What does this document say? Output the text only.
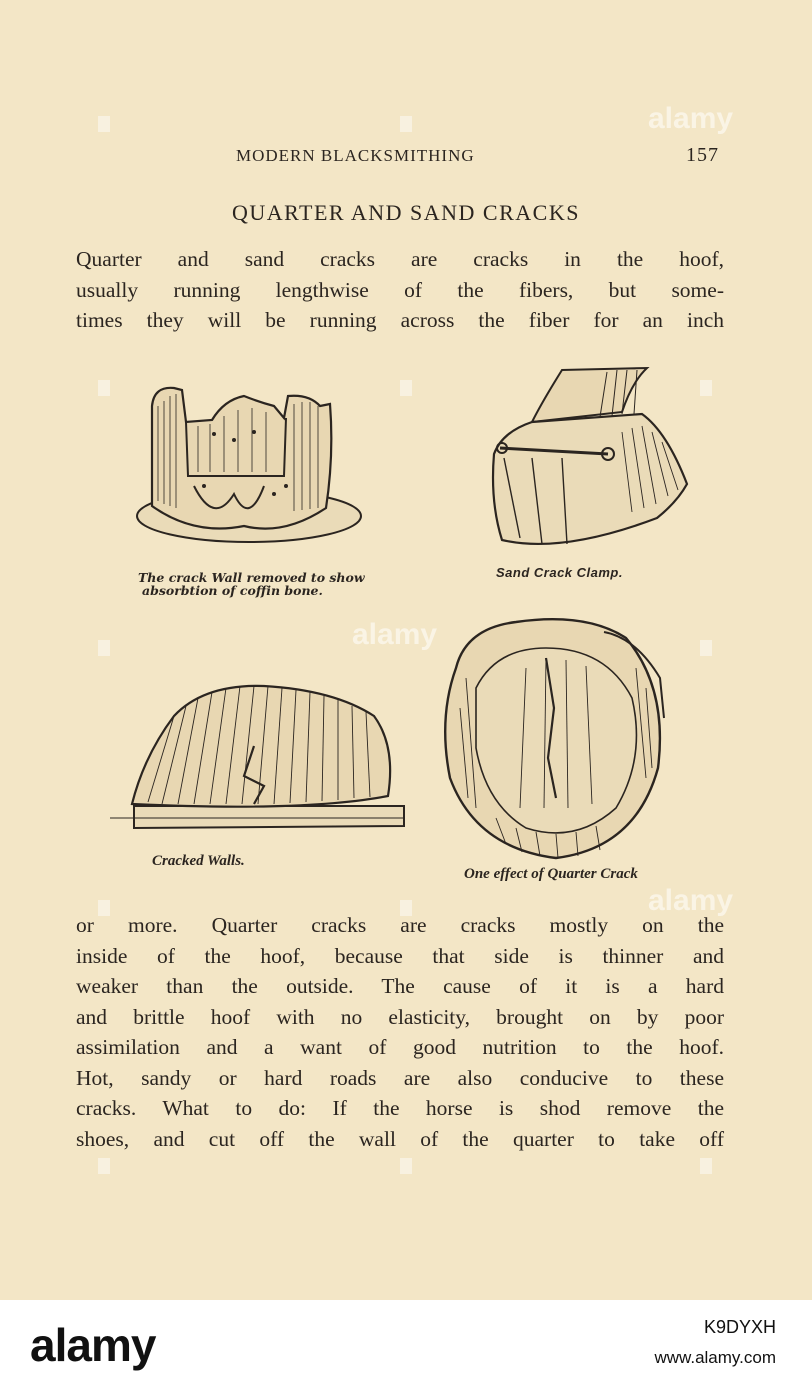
MODERN BLACKSMITHING	157
QUARTER AND SAND CRACKS
Quarter and sand cracks are cracks in the hoof,
usually running lengthwise of the fibers, but some-
times they will be running across the fiber for an inch
The crack Wall removed to show
absorbtion of coffin bone.
Sand Crack Clamp.
Cracked Walls.
One effect of Quarter Crack
or more. Quarter cracks are cracks mostly on the
inside of the hoof, because that side is thinner and
weaker than the outside. The cause of it is a hard
and brittle hoof with no elasticity, brought on by poor
assimilation and a want of good nutrition to the hoof.
Hot, sandy or hard roads are also conducive to these
cracks. What to do: If the horse is shod remove the
shoes, and cut off the wall of the quarter to take off
alamy
alamy
alamy
alamy	K9DYXH
www.alamy.com
